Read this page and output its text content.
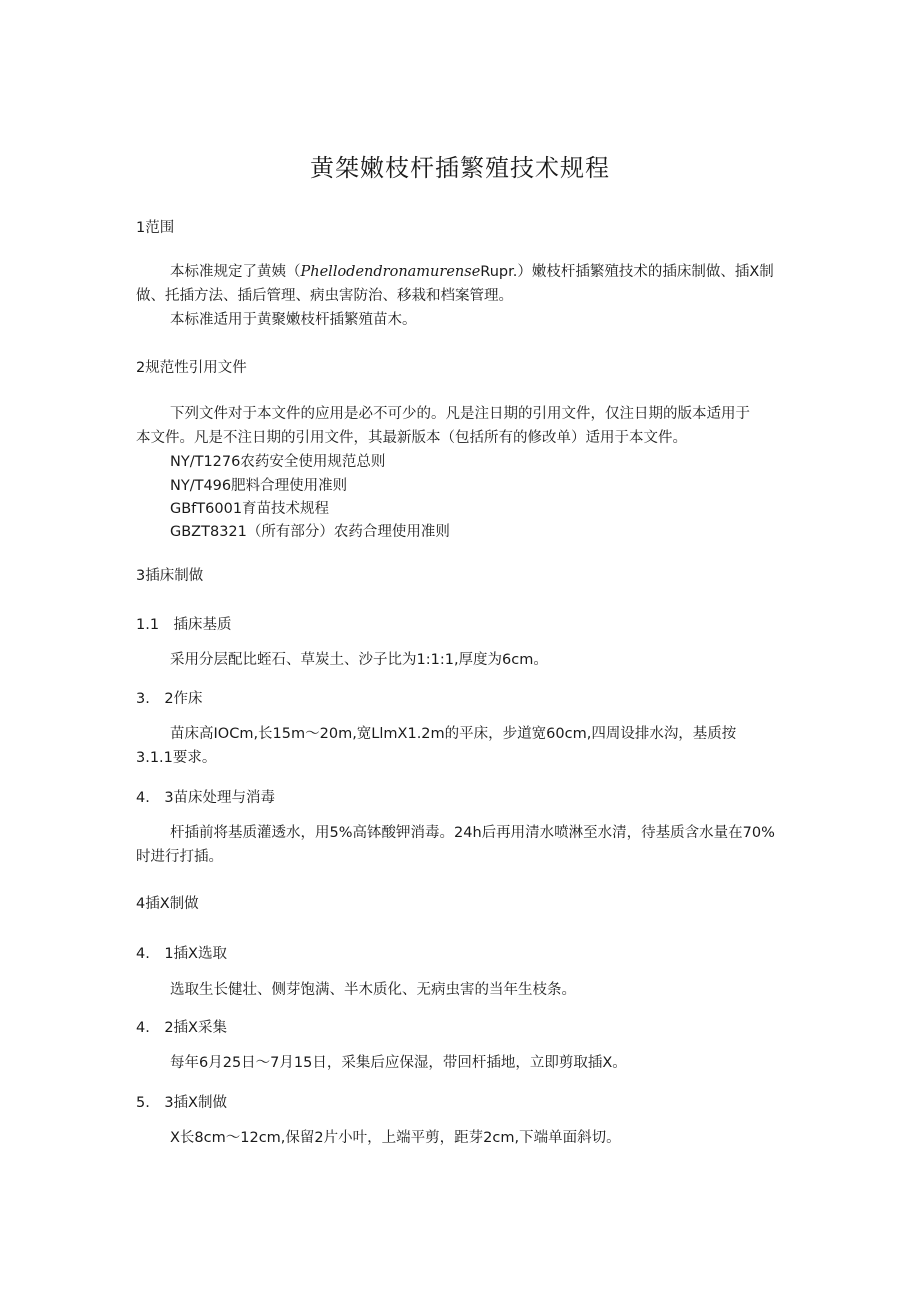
黄桀嫩枝杆插繁殖技术规程
1范围
本标准规定了黄姨（PhellodendronamurenseRupr.）嫩枝杆插繁殖技术的插床制做、插X制
做、托插方法、插后管理、病虫害防治、移栽和档案管理。
本标准适用于黄聚嫩枝杆插繁殖苗木。
2规范性引用文件
下列文件对于本文件的应用是必不可少的。凡是注日期的引用文件，仅注日期的版本适用于
本文件。凡是不注日期的引用文件，其最新版本（包括所有的修改单）适用于本文件。
NY/T1276农药安全使用规范总则
NY/T496肥料合理使用准则
GBfT6001育苗技术规程
GBZT8321（所有部分）农药合理使用准则
3插床制做
1.1　插床基质
采用分层配比蛭石、草炭土、沙子比为1:1:1,厚度为6cm。
3.　2作床
苗床高IOCm,长15m～20m,宽LlmX1.2m的平床，步道宽60cm,四周设排水沟，基质按
3.1.1要求。
4.　3苗床处理与消毒
杆插前将基质灌透水，用5%高钵酸钾消毒。24h后再用清水喷淋至水清，待基质含水量在70%
时进行打插。
4插X制做
4.　1插X选取
选取生长健壮、侧芽饱满、半木质化、无病虫害的当年生枝条。
4.　2插X采集
每年6月25日～7月15日，采集后应保湿，带回杆插地，立即剪取插X。
5.　3插X制做
X长8cm～12cm,保留2片小叶，上端平剪，距芽2cm,下端单面斜切。
